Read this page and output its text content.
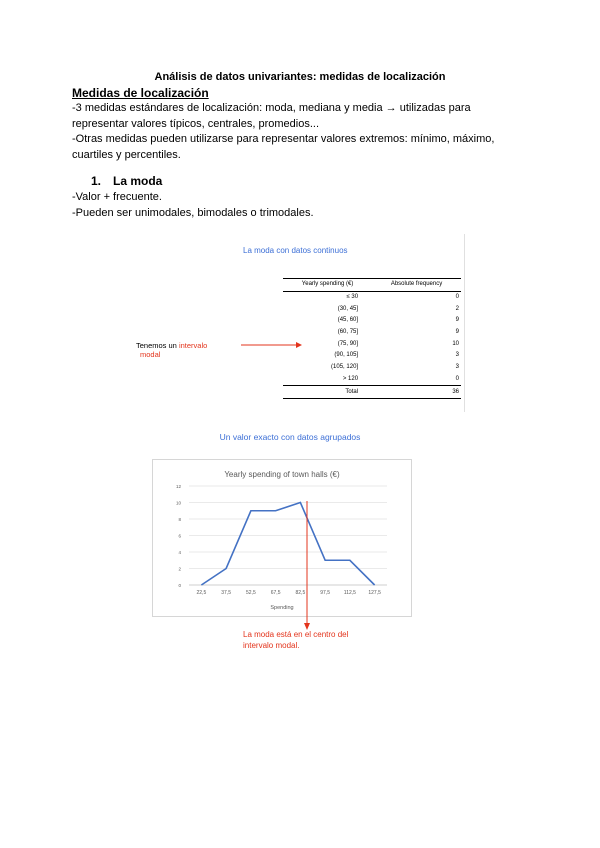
Análisis de datos univariantes: medidas de localización
Medidas de localización
-3 medidas estándares de localización: moda, mediana y media → utilizadas para
representar valores típicos, centrales, promedios...
-Otras medidas pueden utilizarse para representar valores extremos: mínimo, máximo,
cuartiles y percentiles.
1. La moda
-Valor + frecuente.
-Pueden ser unimodales, bimodales o trimodales.
La moda con datos continuos
Tenemos un intervalo
modal
Yearly spending (€)	Absolute frequency
≤ 30	0
(30, 45]	2
(45, 60]	9
(60, 75]	9
(75, 90]	10
(90, 105]	3
(105, 120]	3
> 120	0
Total	36
Un valor exacto con datos agrupados
Yearly spending of town halls (€)
0
2
4
6
8
10
12
22,5	37,5	52,5	67,5	82,5	97,5	112,5 127,5
Spending
La moda está en el centro del
intervalo modal.
